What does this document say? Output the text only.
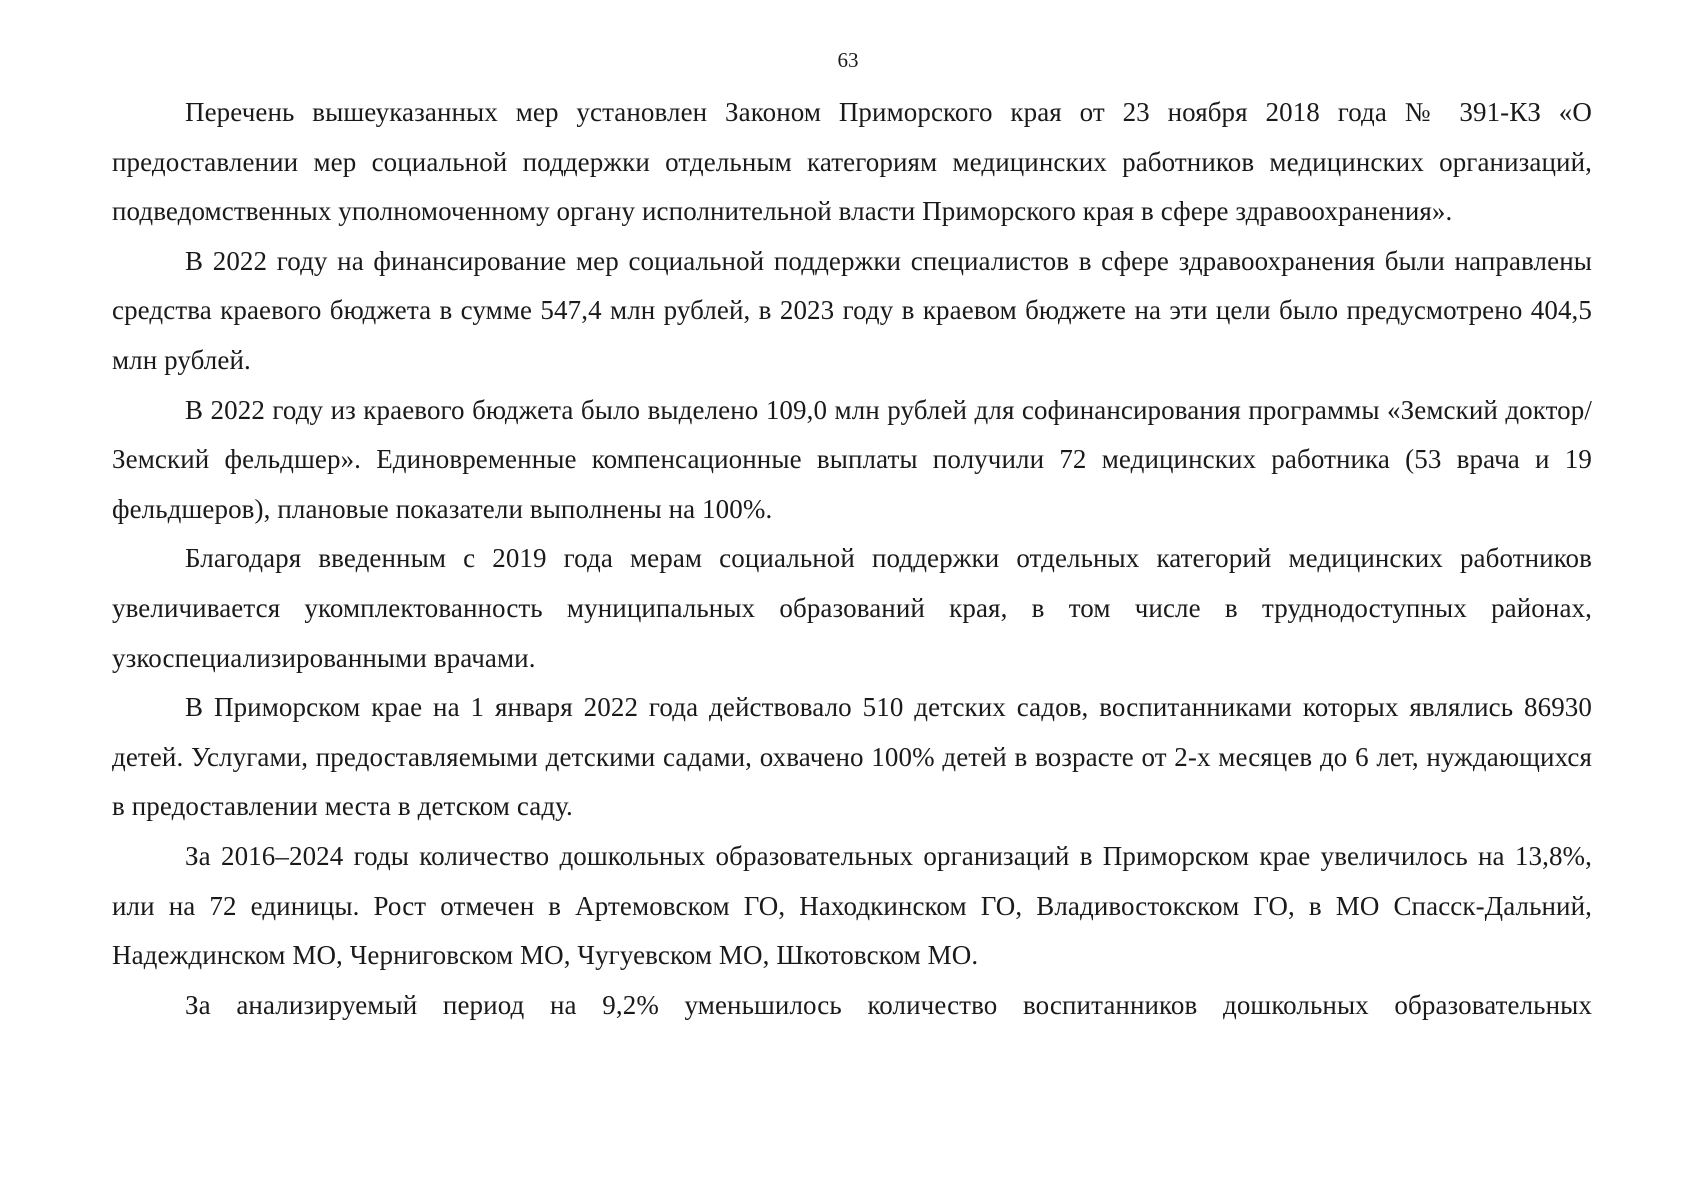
63

Перечень вышеуказанных мер установлен Законом Приморского края от 23 ноября 2018 года № 391-КЗ «О предоставлении мер социальной поддержки отдельным категориям медицинских работников медицинских организаций, подведомственных уполномоченному органу исполнительной власти Приморского края в сфере здравоохранения».

В 2022 году на финансирование мер социальной поддержки специалистов в сфере здравоохранения были направлены средства краевого бюджета в сумме 547,4 млн рублей, в 2023 году в краевом бюджете на эти цели было предусмотрено 404,5 млн рублей.

В 2022 году из краевого бюджета было выделено 109,0 млн рублей для софинансирования программы «Земский доктор/Земский фельдшер». Единовременные компенсационные выплаты получили 72 медицинских работника (53 врача и 19 фельдшеров), плановые показатели выполнены на 100%.

Благодаря введенным с 2019 года мерам социальной поддержки отдельных категорий медицинских работников увеличивается укомплектованность муниципальных образований края, в том числе в труднодоступных районах, узкоспециализированными врачами.

В Приморском крае на 1 января 2022 года действовало 510 детских садов, воспитанниками которых являлись 86930 детей. Услугами, предоставляемыми детскими садами, охвачено 100% детей в возрасте от 2-х месяцев до 6 лет, нуждающихся в предоставлении места в детском саду.

За 2016–2024 годы количество дошкольных образовательных организаций в Приморском крае увеличилось на 13,8%, или на 72 единицы. Рост отмечен в Артемовском ГО, Находкинском ГО, Владивостокском ГО, в МО Спасск-Дальний, Надеждинском МО, Черниговском МО, Чугуевском МО, Шкотовском МО.

За анализируемый период на 9,2% уменьшилось количество воспитанников дошкольных образовательных
